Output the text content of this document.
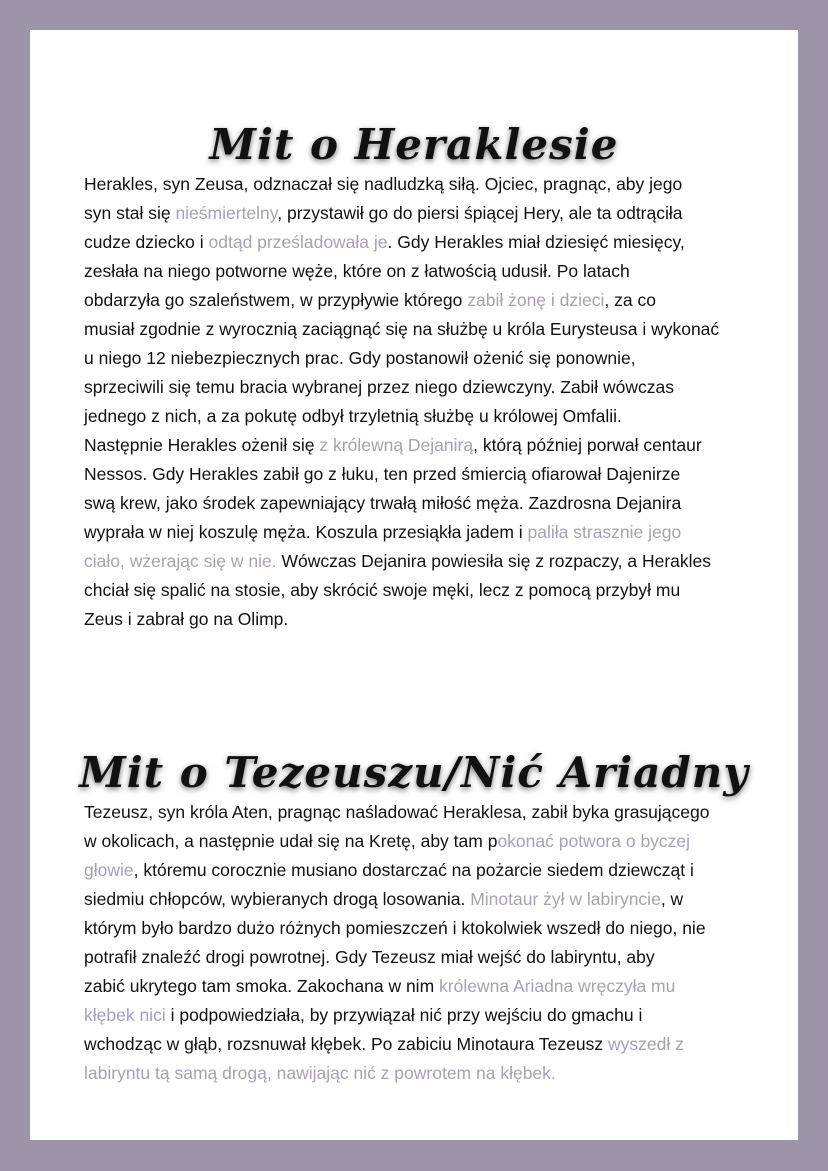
Mit o Heraklesie
Herakles, syn Zeusa, odznaczał się nadludzką siłą. Ojciec, pragnąc, aby jego
syn stał się nieśmiertelny, przystawił go do piersi śpiącej Hery, ale ta odtrąciła
cudze dziecko i odtąd prześladowała je. Gdy Herakles miał dziesięć miesięcy,
zesłała na niego potworne węże, które on z łatwością udusił. Po latach
obdarzyła go szaleństwem, w przypływie którego zabił żonę i dzieci, za co
musiał zgodnie z wyrocznią zaciągnąć się na służbę u króla Eurysteusa i wykonać
u niego 12 niebezpiecznych prac. Gdy postanowił ożenić się ponownie,
sprzeciwili się temu bracia wybranej przez niego dziewczyny. Zabił wówczas
jednego z nich, a za pokutę odbył trzyletnią służbę u królowej Omfalii.
Następnie Herakles ożenił się z królewną Dejanirą, którą później porwał centaur
Nessos. Gdy Herakles zabił go z łuku, ten przed śmiercią ofiarował Dajenirze
swą krew, jako środek zapewniający trwałą miłość męża. Zazdrosna Dejanira
wyprała w niej koszulę męża. Koszula przesiąkła jadem i paliła strasznie jego
ciało, wżerając się w nie. Wówczas Dejanira powiesiła się z rozpaczy, a Herakles
chciał się spalić na stosie, aby skrócić swoje męki, lecz z pomocą przybył mu
Zeus i zabrał go na Olimp.
Mit o Tezeuszu/Nić Ariadny
Tezeusz, syn króla Aten, pragnąc naśladować Heraklesa, zabił byka grasującego
w okolicach, a następnie udał się na Kretę, aby tam pokonać potwora o byczej
głowie, któremu corocznie musiano dostarczać na pożarcie siedem dziewcząt i
siedmiu chłopców, wybieranych drogą losowania. Minotaur żył w labiryncie, w
którym było bardzo dużo różnych pomieszczeń i ktokolwiek wszedł do niego, nie
potrafił znaleźć drogi powrotnej. Gdy Tezeusz miał wejść do labiryntu, aby
zabić ukrytego tam smoka. Zakochana w nim królewna Ariadna wręczyła mu
kłębek nici i podpowiedziała, by przywiązał nić przy wejściu do gmachu i
wchodząc w głąb, rozsnuwał kłębek. Po zabiciu Minotaura Tezeusz wyszedł z
labiryntu tą samą drogą, nawijając nić z powrotem na kłębek.
